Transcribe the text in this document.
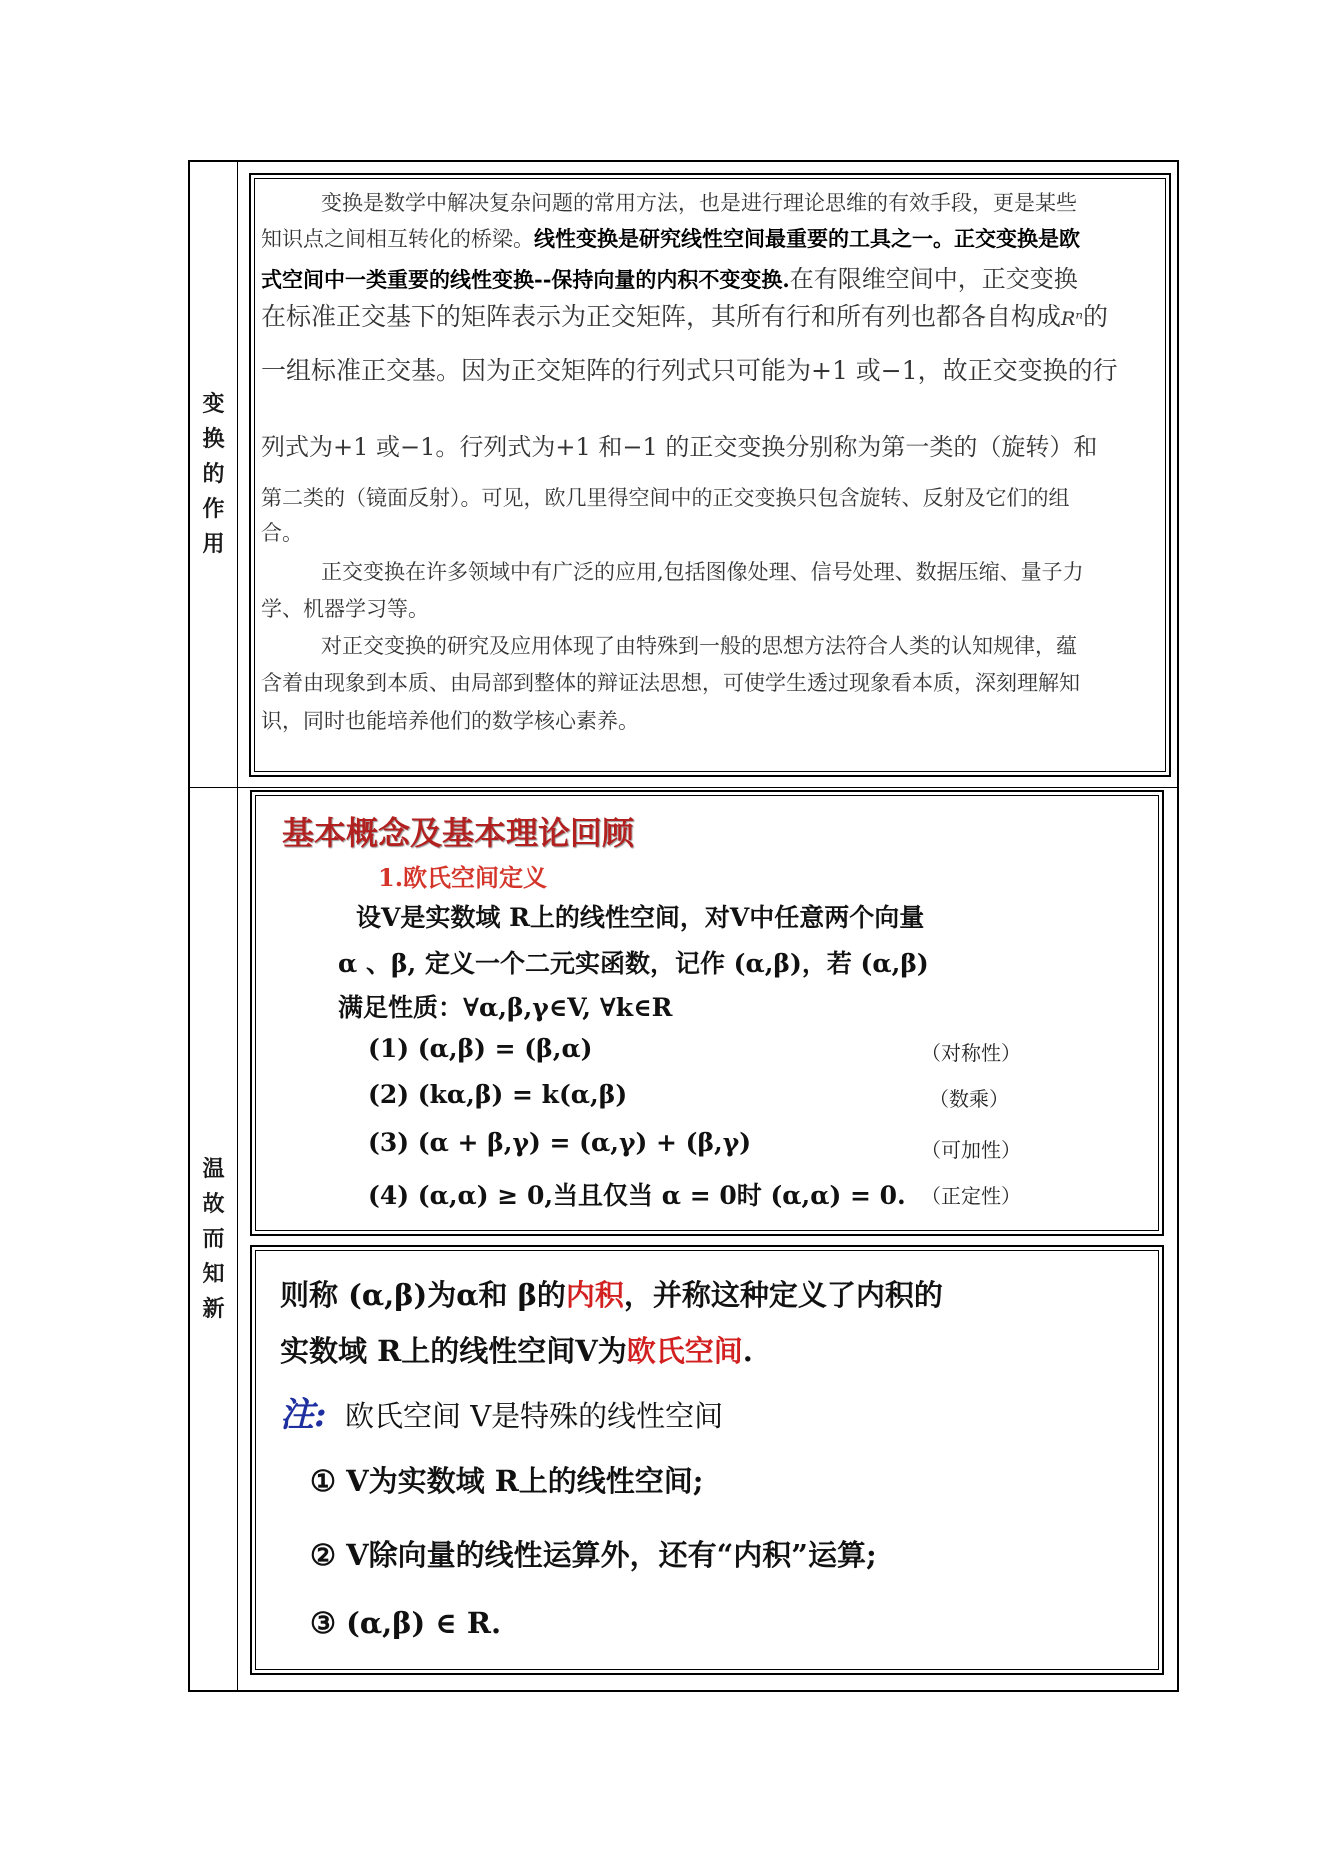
变
换
的
作
用
变换是数学中解决复杂问题的常用方法，也是进行理论思维的有效手段，更是某些
知识点之间相互转化的桥梁。线性变换是研究线性空间最重要的工具之一。正交变换是欧
式空间中一类重要的线性变换--保持向量的内积不变变换.在有限维空间中，正交变换
在标准正交基下的矩阵表示为正交矩阵，其所有行和所有列也都各自构成Rⁿ的
一组标准正交基。因为正交矩阵的行列式只可能为+1 或−1，故正交变换的行
列式为+1 或−1。行列式为+1 和−1 的正交变换分别称为第一类的（旋转）和
第二类的（镜面反射）。可见，欧几里得空间中的正交变换只包含旋转、反射及它们的组
合。
正交变换在许多领域中有广泛的应用,包括图像处理、信号处理、数据压缩、量子力
学、机器学习等。
对正交变换的研究及应用体现了由特殊到一般的思想方法符合人类的认知规律，蕴
含着由现象到本质、由局部到整体的辩证法思想，可使学生透过现象看本质，深刻理解知
识，同时也能培养他们的数学核心素养。
温
故
而
知
新
基本概念及基本理论回顾
1.欧氏空间定义
设V是实数域 R上的线性空间，对V中任意两个向量
α 、β, 定义一个二元实函数，记作 (α,β)，若 (α,β)
满足性质：∀α,β,γ∈V, ∀k∈R
(1) (α,β) = (β,α)	（对称性）
(2) (kα,β) = k(α,β)	（数乘）
(3) (α + β,γ) = (α,γ) + (β,γ)	（可加性）
(4) (α,α) ≥ 0,当且仅当 α = 0时 (α,α) = 0. （正定性）
则称 (α,β)为α和 β的内积，并称这种定义了内积的
实数域 R上的线性空间V为欧氏空间.
注: 欧氏空间 V是特殊的线性空间
① V为实数域 R上的线性空间;
② V除向量的线性运算外，还有“内积”运算;
③ (α,β) ∈ R.
